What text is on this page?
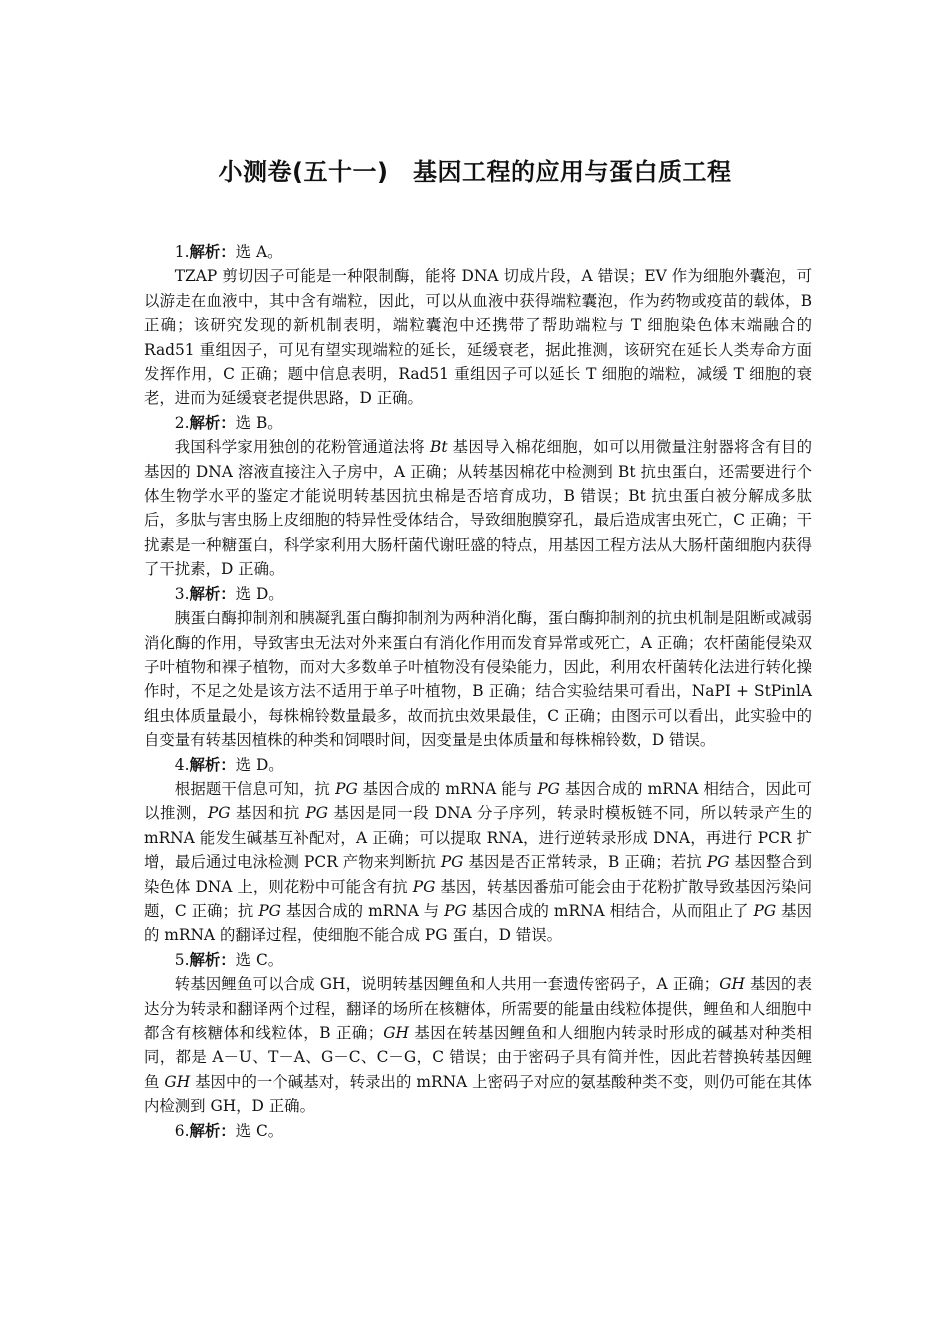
小测卷(五十一)　基因工程的应用与蛋白质工程

1.解析：选 A。

TZAP 剪切因子可能是一种限制酶，能将 DNA 切成片段，A 错误；EV 作为细胞外囊泡，可以游走在血液中，其中含有端粒，因此，可以从血液中获得端粒囊泡，作为药物或疫苗的载体，B 正确；该研究发现的新机制表明，端粒囊泡中还携带了帮助端粒与 T 细胞染色体末端融合的 Rad51 重组因子，可见有望实现端粒的延长，延缓衰老，据此推测，该研究在延长人类寿命方面发挥作用，C 正确；题中信息表明，Rad51 重组因子可以延长 T 细胞的端粒，减缓 T 细胞的衰老，进而为延缓衰老提供思路，D 正确。

2.解析：选 B。

我国科学家用独创的花粉管通道法将 Bt 基因导入棉花细胞，如可以用微量注射器将含有目的基因的 DNA 溶液直接注入子房中，A 正确；从转基因棉花中检测到 Bt 抗虫蛋白，还需要进行个体生物学水平的鉴定才能说明转基因抗虫棉是否培育成功，B 错误；Bt 抗虫蛋白被分解成多肽后，多肽与害虫肠上皮细胞的特异性受体结合，导致细胞膜穿孔，最后造成害虫死亡，C 正确；干扰素是一种糖蛋白，科学家利用大肠杆菌代谢旺盛的特点，用基因工程方法从大肠杆菌细胞内获得了干扰素，D 正确。

3.解析：选 D。

胰蛋白酶抑制剂和胰凝乳蛋白酶抑制剂为两种消化酶，蛋白酶抑制剂的抗虫机制是阻断或减弱消化酶的作用，导致害虫无法对外来蛋白有消化作用而发育异常或死亡，A 正确；农杆菌能侵染双子叶植物和裸子植物，而对大多数单子叶植物没有侵染能力，因此，利用农杆菌转化法进行转化操作时，不足之处是该方法不适用于单子叶植物，B 正确；结合实验结果可看出，NaPI + StPinlA 组虫体质量最小，每株棉铃数量最多，故而抗虫效果最佳，C 正确；由图示可以看出，此实验中的自变量有转基因植株的种类和饲喂时间，因变量是虫体质量和每株棉铃数，D 错误。

4.解析：选 D。

根据题干信息可知，抗 PG 基因合成的 mRNA 能与 PG 基因合成的 mRNA 相结合，因此可以推测，PG 基因和抗 PG 基因是同一段 DNA 分子序列，转录时模板链不同，所以转录产生的 mRNA 能发生碱基互补配对，A 正确；可以提取 RNA，进行逆转录形成 DNA，再进行 PCR 扩增，最后通过电泳检测 PCR 产物来判断抗 PG 基因是否正常转录，B 正确；若抗 PG 基因整合到染色体 DNA 上，则花粉中可能含有抗 PG 基因，转基因番茄可能会由于花粉扩散导致基因污染问题，C 正确；抗 PG 基因合成的 mRNA 与 PG 基因合成的 mRNA 相结合，从而阻止了 PG 基因的 mRNA 的翻译过程，使细胞不能合成 PG 蛋白，D 错误。

5.解析：选 C。

转基因鲤鱼可以合成 GH，说明转基因鲤鱼和人共用一套遗传密码子，A 正确；GH 基因的表达分为转录和翻译两个过程，翻译的场所在核糖体，所需要的能量由线粒体提供，鲤鱼和人细胞中都含有核糖体和线粒体，B 正确；GH 基因在转基因鲤鱼和人细胞内转录时形成的碱基对种类相同，都是 A－U、T－A、G－C、C－G，C 错误；由于密码子具有简并性，因此若替换转基因鲤鱼 GH 基因中的一个碱基对，转录出的 mRNA 上密码子对应的氨基酸种类不变，则仍可能在其体内检测到 GH，D 正确。

6.解析：选 C。
